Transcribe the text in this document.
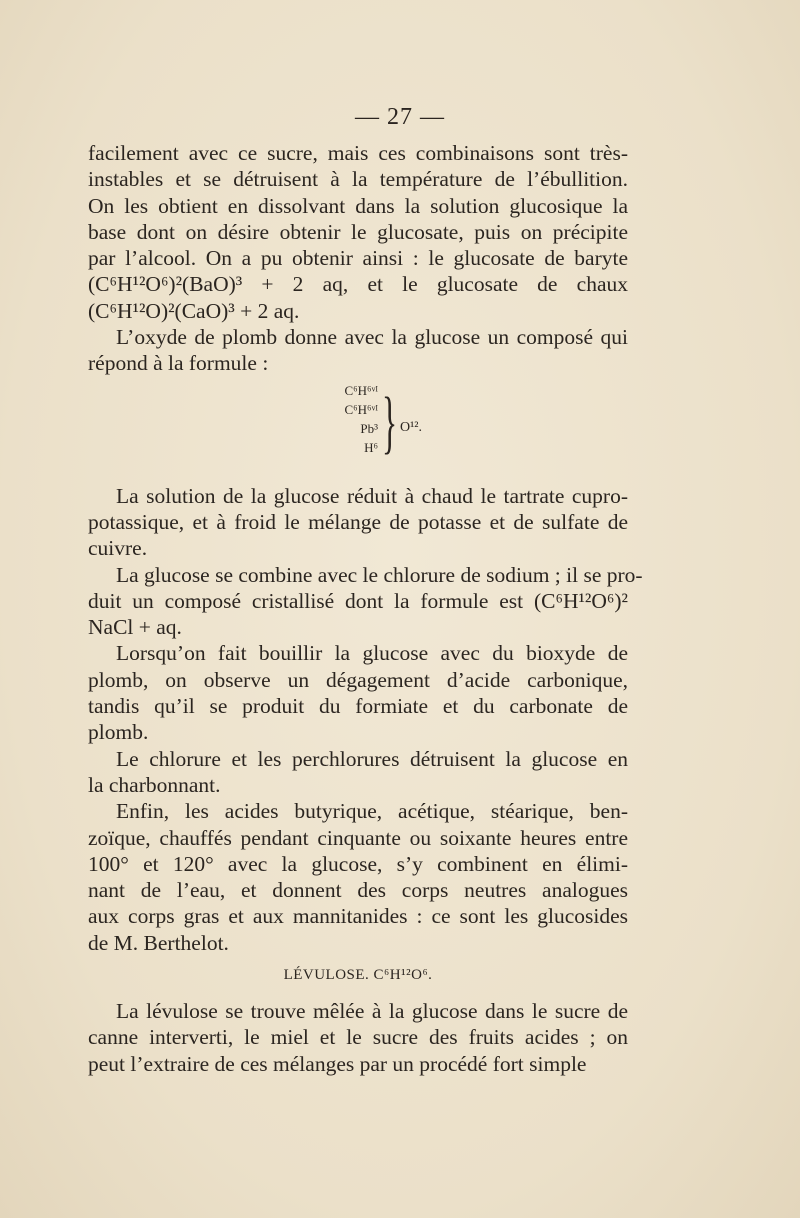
— 27 —
facilement avec ce sucre, mais ces combinaisons sont très-
instables et se détruisent à la température de l’ébullition.
On les obtient en dissolvant dans la solution glucosique la
base dont on désire obtenir le glucosate, puis on précipite
par l’alcool. On a pu obtenir ainsi : le glucosate de baryte
(C⁶H¹²O⁶)²(BaO)³ + 2 aq, et le glucosate de chaux
(C⁶H¹²O)²(CaO)³ + 2 aq.
L’oxyde de plomb donne avec la glucose un composé qui
répond à la formule :
C⁶H⁶ᵛᴵ
C⁶H⁶ᵛᴵ
Pb³
H⁶ } O¹².
La solution de la glucose réduit à chaud le tartrate cupro-
potassique, et à froid le mélange de potasse et de sulfate de
cuivre.
La glucose se combine avec le chlorure de sodium ; il se pro-
duit un composé cristallisé dont la formule est (C⁶H¹²O⁶)²
NaCl + aq.
Lorsqu’on fait bouillir la glucose avec du bioxyde de
plomb, on observe un dégagement d’acide carbonique,
tandis qu’il se produit du formiate et du carbonate de
plomb.
Le chlorure et les perchlorures détruisent la glucose en
la charbonnant.
Enfin, les acides butyrique, acétique, stéarique, ben-
zoïque, chauffés pendant cinquante ou soixante heures entre
100° et 120° avec la glucose, s’y combinent en élimi-
nant de l’eau, et donnent des corps neutres analogues
aux corps gras et aux mannitanides : ce sont les glucosides
de M. Berthelot.
LÉVULOSE. C⁶H¹²O⁶.
La lévulose se trouve mêlée à la glucose dans le sucre de
canne interverti, le miel et le sucre des fruits acides ; on
peut l’extraire de ces mélanges par un procédé fort simple
